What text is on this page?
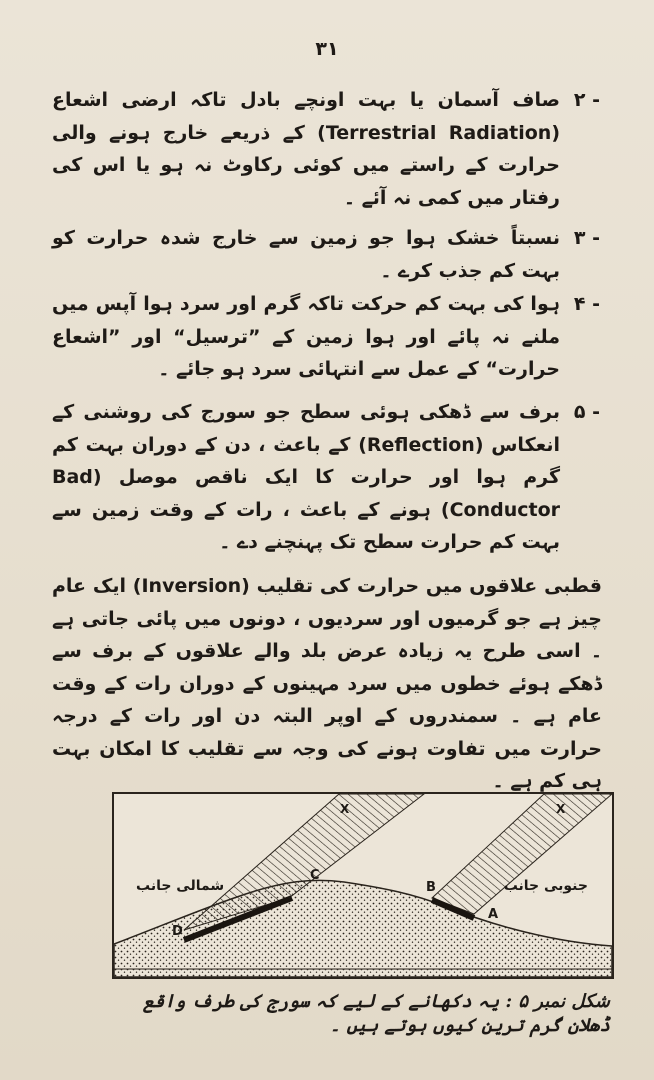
۳۱
۲ -
صاف آسمان یا بہت اونچے بادل تاکہ ارضی اشعاع (Terrestrial Radiation) کے ذریعے خارج ہونے والی حرارت کے راستے میں کوئی رکاوٹ نہ ہو یا اس کی رفتار میں کمی نہ آئے ۔
۳ -
نسبتاً خشک ہوا جو زمین سے خارج شدہ حرارت کو بہت کم جذب کرے ۔
۴ -
ہوا کی بہت کم حرکت تاکہ گرم اور سرد ہوا آپس میں ملنے نہ پائے اور ہوا زمین کے ”ترسیل“ اور ”اشعاع حرارت“ کے عمل سے انتہائی سرد ہو جائے ۔
۵ -
برف سے ڈھکی ہوئی سطح جو سورج کی روشنی کے انعکاس (Reflection) کے باعث ، دن کے دوران بہت کم گرم ہوا اور حرارت کا ایک ناقص موصل (Bad Conductor) ہونے کے باعث ، رات کے وقت زمین سے بہت کم حرارت سطح تک پہنچنے دے ۔
قطبی علاقوں میں حرارت کی تقلیب (Inversion) ایک عام چیز ہے جو گرمیوں اور سردیوں ، دونوں میں پائی جاتی ہے ۔ اسی طرح یہ زیادہ عرض بلد والے علاقوں کے برف سے ڈھکے ہوئے خطوں میں سرد مہینوں کے دوران رات کے وقت عام ہے ۔ سمندروں کے اوپر البتہ دن اور رات کے درجہ حرارت میں تفاوت ہونے کی وجہ سے تقلیب کا امکان بہت ہی کم ہے ۔
شمالی جانب	جنوبی جانب
A
B
C
D
X	X
شکل نمبر ۵ : یہ دکھانے کے لیے کہ سورج کی طرف واقع ڈھلان گرم ترین کیوں ہوتے ہیں ۔
